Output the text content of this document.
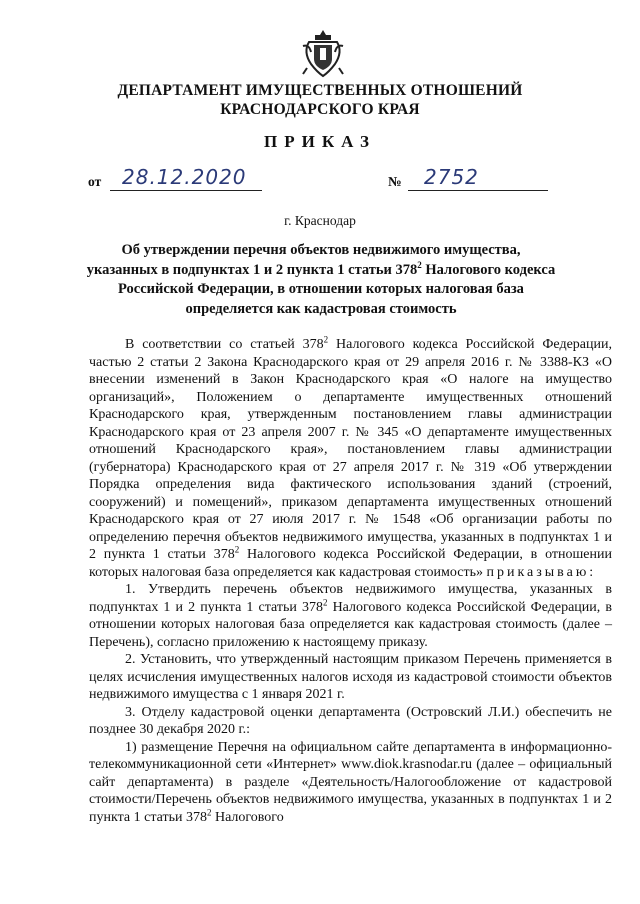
ДЕПАРТАМЕНТ ИМУЩЕСТВЕННЫХ ОТНОШЕНИЙ
КРАСНОДАРСКОГО КРАЯ
ПРИКАЗ
от 28.12.2020	№ 2752
г. Краснодар
Об утверждении перечня объектов недвижимого имущества,
указанных в подпунктах 1 и 2 пункта 1 статьи $378^2$ Налогового кодекса
Российской Федерации, в отношении которых налоговая база
определяется как кадастровая стоимость

В соответствии со статьей $378^2$ Налогового кодекса Российской Федерации, частью 2 статьи 2 Закона Краснодарского края от 29 апреля 2016 г. № 3388-КЗ «О внесении изменений в Закон Краснодарского края «О налоге на имущество организаций», Положением о департаменте имущественных отношений Краснодарского края, утвержденным постановлением главы администрации Краснодарского края от 23 апреля 2007 г. № 345 «О департаменте имущественных отношений Краснодарского края», постановлением главы администрации (губернатора) Краснодарского края от 27 апреля 2017 г. № 319 «Об утверждении Порядка определения вида фактического использования зданий (строений, сооружений) и помещений», приказом департамента имущественных отношений Краснодарского края от 27 июля 2017 г. № 1548 «Об организации работы по определению перечня объектов недвижимого имущества, указанных в подпунктах 1 и 2 пункта 1 статьи $378^2$ Налогового кодекса Российской Федерации, в отношении которых налоговая база определяется как кадастровая стоимость» приказываю:

1. Утвердить перечень объектов недвижимого имущества, указанных в подпунктах 1 и 2 пункта 1 статьи $378^2$ Налогового кодекса Российской Федерации, в отношении которых налоговая база определяется как кадастровая стоимость (далее – Перечень), согласно приложению к настоящему приказу.

2. Установить, что утвержденный настоящим приказом Перечень применяется в целях исчисления имущественных налогов исходя из кадастровой стоимости объектов недвижимого имущества с 1 января 2021 г.

3. Отделу кадастровой оценки департамента (Островский Л.И.) обеспечить не позднее 30 декабря 2020 г.:

1) размещение Перечня на официальном сайте департамента в информационно-телекоммуникационной сети «Интернет» www.diok.krasnodar.ru (далее – официальный сайт департамента) в разделе «Деятельность/Налогообложение от кадастровой стоимости/Перечень объектов недвижимого имущества, указанных в подпунктах 1 и 2 пункта 1 статьи $378^2$ Налогового
